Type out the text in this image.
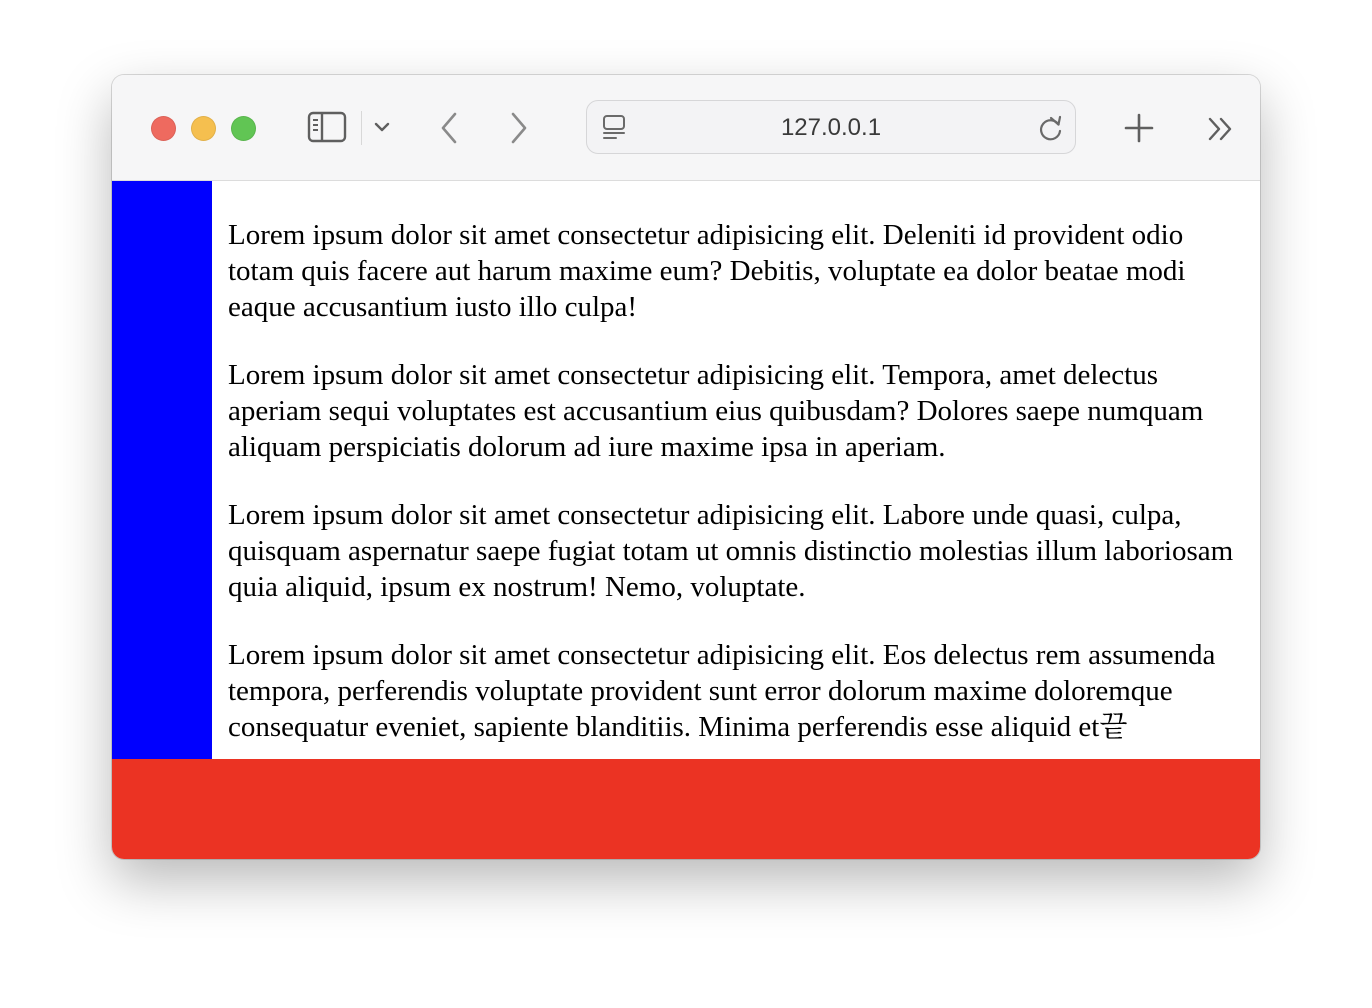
127.0.0.1

Lorem ipsum dolor sit amet consectetur adipisicing elit. Deleniti id provident odio totam quis facere aut harum maxime eum? Debitis, voluptate ea dolor beatae modi eaque accusantium iusto illo culpa!

Lorem ipsum dolor sit amet consectetur adipisicing elit. Tempora, amet delectus aperiam sequi voluptates est accusantium eius quibusdam? Dolores saepe numquam aliquam perspiciatis dolorum ad iure maxime ipsa in aperiam.

Lorem ipsum dolor sit amet consectetur adipisicing elit. Labore unde quasi, culpa, quisquam aspernatur saepe fugiat totam ut omnis distinctio molestias illum laboriosam quia aliquid, ipsum ex nostrum! Nemo, voluptate.

Lorem ipsum dolor sit amet consectetur adipisicing elit. Eos delectus rem assumenda tempora, perferendis voluptate provident sunt error dolorum maxime doloremque consequatur eveniet, sapiente blanditiis. Minima perferendis esse aliquid et끝
